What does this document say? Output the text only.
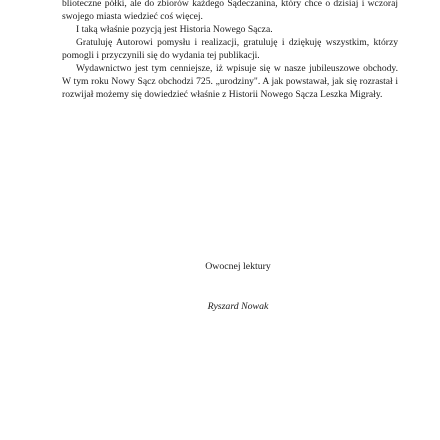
blioteczne półki, ale do zbiorów każdego Sądeczanina, który chce o dzisiaj i wczoraj swojego miasta wiedzieć coś więcej.

I taką właśnie pozycją jest Historia Nowego Sącza.

Gratuluję Autorowi pomysłu i realizacji, gratuluję i dziękuję wszystkim, którzy pomogli i przyczynili się do wydania tej publikacji.

Wydawnictwo jest tym cenniejsze, iż wpisuje się w nasze jubileuszowe obchody. W tym roku Nowy Sącz obchodzi 725. „urodziny". A jak powstawał, jak się rozrastał i rozwijał możemy się dowiedzieć właśnie z Historii Nowego Sącza Leszka Migrały.

Owocnej lektury

Ryszard Nowak
